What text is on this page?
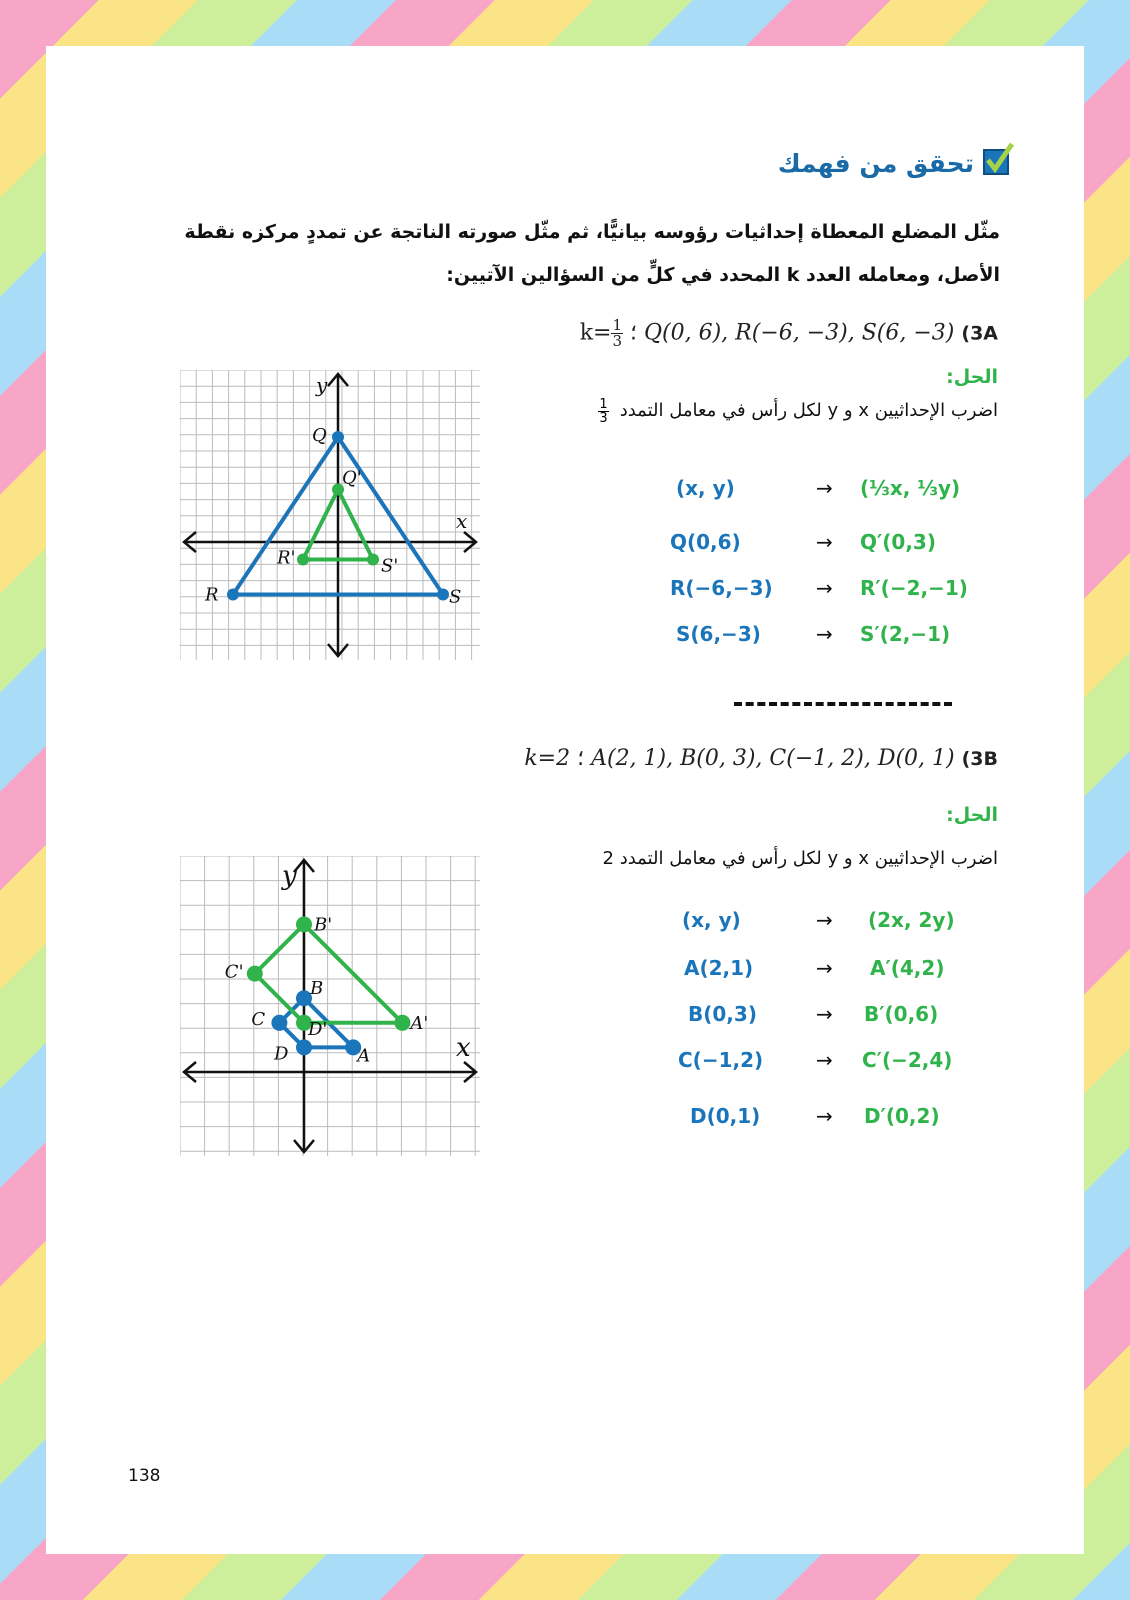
تحقق من فهمك
مثّل المضلع المعطاة إحداثيات رؤوسه بيانيًّا، ثم مثّل صورته الناتجة عن تمددٍ مركزه نقطة الأصل، ومعامله العدد k المحدد في كلٍّ من السؤالين الآتيين:
$k= \frac{1}{3}$ ؛ Q(0, 6), R(−6, −3), S(6, −3) (3A
الحل:
اضرب الإحداثيين x و y لكل رأس في معامل التمدد
$\frac{1}{3}$
(x, y)	→ (⅓x, ⅓y)
Q(0,6)	→ Q′(0,3)
R(−6,−3) → R′(−2,−1)
S(6,−3)	→ S′(2,−1)
x
y
Q
R	S
Q'
R'	S'
k=2 ؛ A(2, 1), B(0, 3), C(−1, 2), D(0, 1) (3B
الحل:
اضرب الإحداثيين x و y لكل رأس في معامل التمدد 2
(x, y)	→ (2x, 2y)
A(2,1)	→ A′(4,2)
B(0,3)	→ B′(0,6)
C(−1,2)	→ C′(−2,4)
D(0,1)	→ D′(0,2)
x
y
A
B
C
D
A'
B'
C'
D'
138
